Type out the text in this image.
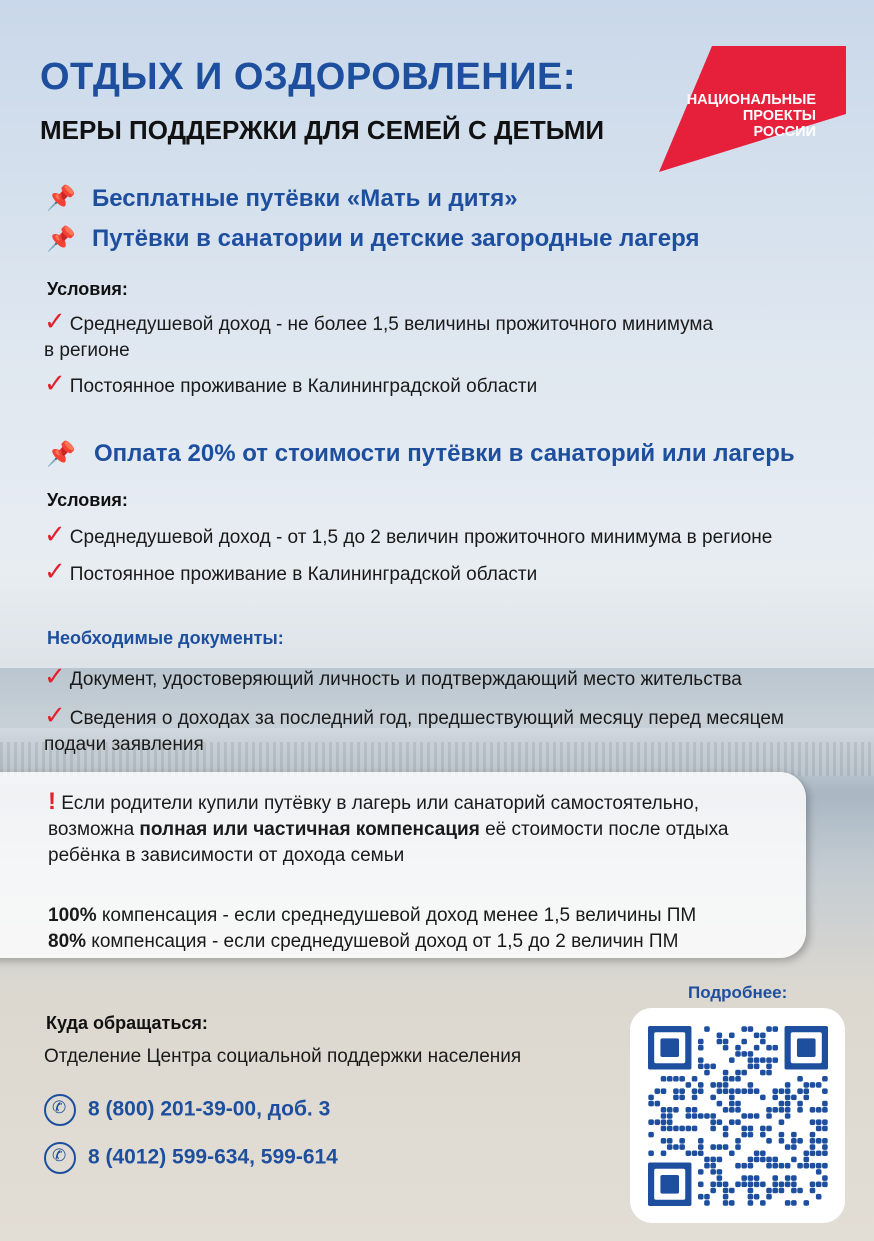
ОТДЫХ И ОЗДОРОВЛЕНИЕ:
МЕРЫ ПОДДЕРЖКИ ДЛЯ СЕМЕЙ С ДЕТЬМИ
НАЦИОНАЛЬНЫЕ
ПРОЕКТЫ
РОССИИ
📌 Бесплатные путёвки «Мать и дитя»
📌 Путёвки в санатории и детские загородные лагеря
Условия:
✓ Среднедушевой доход - не более 1,5 величины прожиточного минимума
в регионе
✓ Постоянное проживание в Калининградской области
📌 Оплата 20% от стоимости путёвки в санаторий или лагерь
Условия:
✓ Среднедушевой доход - от 1,5 до 2 величин прожиточного минимума в регионе
✓ Постоянное проживание в Калининградской области
Необходимые документы:
✓ Документ, удостоверяющий личность и подтверждающий место жительства
✓ Сведения о доходах за последний год, предшествующий месяцу перед месяцем
подачи заявления
! Если родители купили путёвку в лагерь или санаторий самостоятельно,
возможна полная или частичная компенсация её стоимости после отдыха
ребёнка в зависимости от дохода семьи
100% компенсация - если среднедушевой доход менее 1,5 величины ПМ
80% компенсация - если среднедушевой доход от 1,5 до 2 величин ПМ
Подробнее:
Куда обращаться:
Отделение Центра социальной поддержки населения
✆8 (800) 201-39-00, доб. 3
✆8 (4012) 599-634, 599-614
